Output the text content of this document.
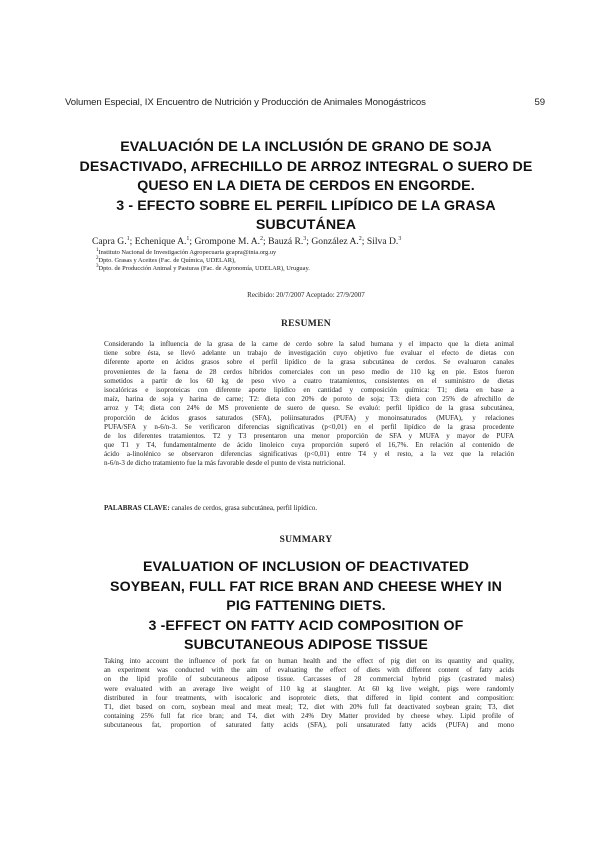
Volumen Especial, IX Encuentro de Nutrición y Producción de Animales Monogástricos	59
EVALUACIÓN DE LA INCLUSIÓN DE GRANO DE SOJA
DESACTIVADO, AFRECHILLO DE ARROZ INTEGRAL O SUERO DE
QUESO EN LA DIETA DE CERDOS EN ENGORDE.
3 - EFECTO SOBRE EL PERFIL LIPÍDICO DE LA GRASA
SUBCUTÁNEA
Capra G.$^1$; Echenique A.$^1$; Grompone M. A.$^2$; Bauzá R.$^3$; González A.$^2$; Silva D.$^3$
$^1$Instituto Nacional de Investigación Agropecuaria gcapra@inia.org.uy
$^2$Dpto. Grasas y Aceites (Fac. de Química, UDELAR),
$^3$Dpto. de Producción Animal y Pasturas (Fac. de Agronomía, UDELAR), Uruguay.
Recibido: 20/7/2007 Aceptado: 27/9/2007
RESUMEN
Considerando la influencia de la grasa de la carne de cerdo sobre la salud humana y el impacto que la dieta animal
tiene sobre ésta, se llevó adelante un trabajo de investigación cuyo objetivo fue evaluar el efecto de dietas con
diferente aporte en ácidos grasos sobre el perfil lipídico de la grasa subcutánea de cerdos. Se evaluaron canales
provenientes de la faena de 28 cerdos híbridos comerciales con un peso medio de 110 kg en pie. Estos fueron
sometidos a partir de los 60 kg de peso vivo a cuatro tratamientos, consistentes en el suministro de dietas
isocalóricas e isoproteicas con diferente aporte lipídico en cantidad y composición química: T1; dieta en base a
maíz, harina de soja y harina de carne; T2: dieta con 20% de poroto de soja; T3: dieta con 25% de afrechillo de
arroz y T4; dieta con 24% de MS proveniente de suero de queso. Se evaluó: perfil lipídico de la grasa subcutánea,
proporción de ácidos grasos saturados (SFA), poliinsaturados (PUFA) y monoinsaturados (MUFA), y relaciones
PUFA/SFA y n-6/n-3. Se verificaron diferencias significativas (p<0,01) en el perfil lipídico de la grasa procedente
de los diferentes tratamientos. T2 y T3 presentaron una menor proporción de SFA y MUFA y mayor de PUFA
que T1 y T4, fundamentalmente de ácido linoleico cuya proporción superó el 16,7%. En relación al contenido de
ácido a-linolénico se observaron diferencias significativas (p<0,01) entre T4 y el resto, a la vez que la relación
n-6/n-3 de dicho tratamiento fue la más favorable desde el punto de vista nutricional.
PALABRAS CLAVE: canales de cerdos, grasa subcutánea, perfil lipídico.
SUMMARY
EVALUATION OF INCLUSION OF DEACTIVATED
SOYBEAN, FULL FAT RICE BRAN AND CHEESE WHEY IN
PIG FATTENING DIETS.
3 -EFFECT ON FATTY ACID COMPOSITION OF
SUBCUTANEOUS ADIPOSE TISSUE
Taking into account the influence of pork fat on human health and the effect of pig diet on its quantity and quality,
an experiment was conducted with the aim of evaluating the effect of diets with different content of fatty acids
on the lipid profile of subcutaneous adipose tissue. Carcasses of 28 commercial hybrid pigs (castrated males)
were evaluated with an average live weight of 110 kg at slaughter. At 60 kg live weight, pigs were randomly
distributed in four treatments, with isocaloric and isoproteic diets, that differed in lipid content and composition:
T1, diet based on corn, soybean meal and meat meal; T2, diet with 20% full fat deactivated soybean grain; T3, diet
containing 25% full fat rice bran; and T4, diet with 24% Dry Matter provided by cheese whey. Lipid profile of
subcutaneous fat, proportion of saturated fatty acids (SFA), poli unsaturated fatty acids (PUFA) and mono
